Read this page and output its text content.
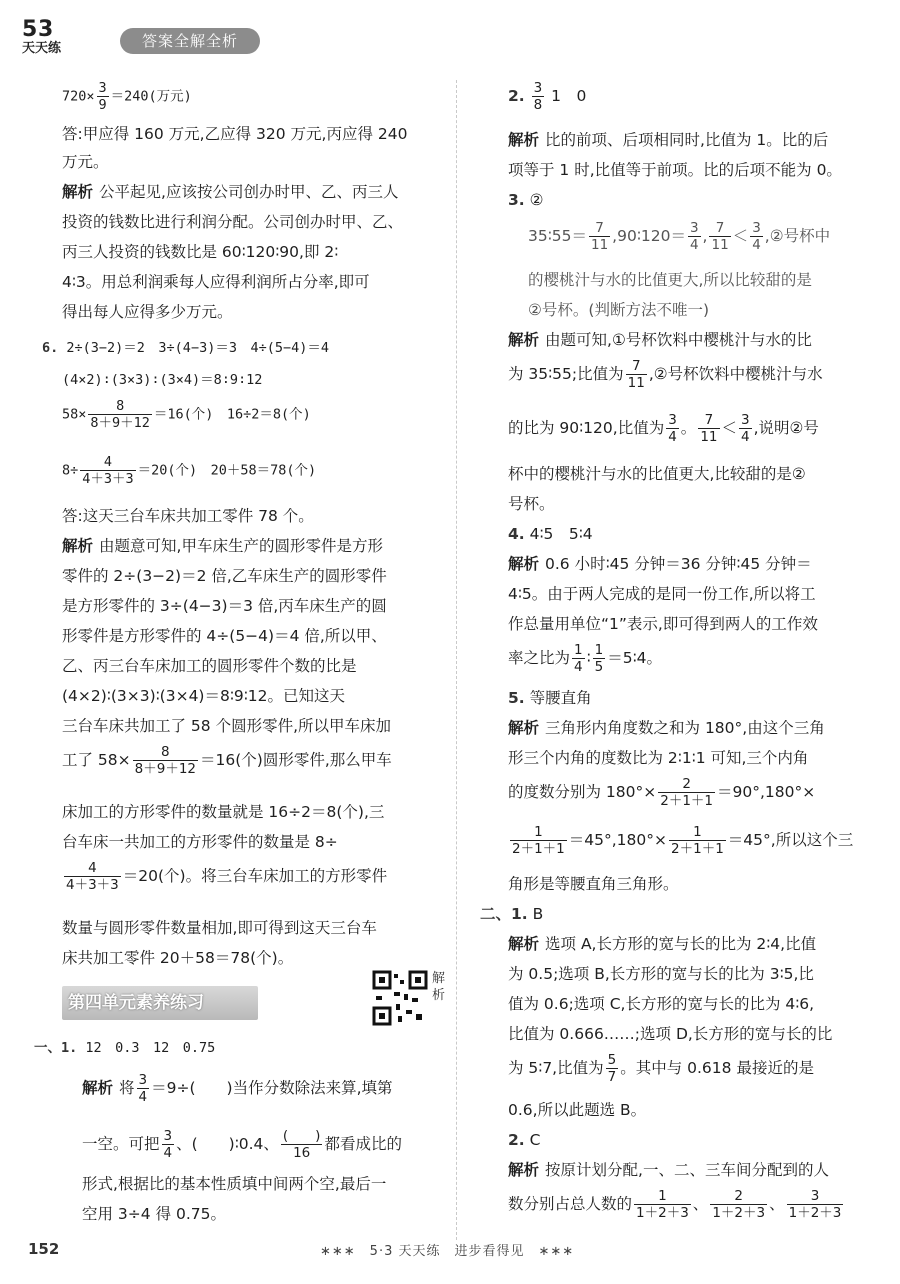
5 3
天天练	答案全解全析
$720\times \frac{3}{9} =240$(万元)
答:甲应得 160 万元,乙应得 320 万元,丙应得 240
万元。
解析 公平起见,应该按公司创办时甲、乙、丙三人
投资的钱数比进行利润分配。公司创办时甲、乙、
丙三人投资的钱数比是 60∶120∶90,即 2∶
4∶3。用总利润乘每人应得利润所占分率,即可
得出每人应得多少万元。
6. 2÷(3−2)＝2　3÷(4−3)＝3　4÷(5−4)＝4
(4×2)∶(3×3)∶(3×4)＝8∶9∶12
$58\times \frac{8}{8+9+12} =16$(个)　16÷2＝8(个)
$8\div \frac{4}{4+3+3} =20$(个)　20＋58＝78(个)
答:这天三台车床共加工零件 78 个。
解析 由题意可知,甲车床生产的圆形零件是方形
零件的 2÷(3−2)＝2 倍,乙车床生产的圆形零件
是方形零件的 3÷(4−3)＝3 倍,丙车床生产的圆
形零件是方形零件的 4÷(5−4)＝4 倍,所以甲、
乙、丙三台车床加工的圆形零件个数的比是
(4×2)∶(3×3)∶(3×4)＝8∶9∶12。已知这天
三台车床共加工了 58 个圆形零件,所以甲车床加
工了 $58\times \frac{8}{8+9+12} =16$(个)圆形零件,那么甲车
床加工的方形零件的数量就是 16÷2＝8(个),三
台车床一共加工的方形零件的数量是 8÷
$\frac{4}{4+3+3} =20$(个)。将三台车床加工的方形零件
数量与圆形零件数量相加,即可得到这天三台车
床共加工零件 20＋58＝78(个)。
第四单元素养练习
解析
一、1. 12　0.3　12　0.75
解析 将 $\frac{3}{4} =9\div$(　　)当作分数除法来算,填第
一空。可把 $\frac{3}{4}$ 、(　　)∶0.4、 $\frac{( )}{16}$ 都看成比的
形式,根据比的基本性质填中间两个空,最后一
空用 3÷4 得 0.75。
2. $\frac{3}{8} 1$　0
解析 比的前项、后项相同时,比值为 1。比的后
项等于 1 时,比值等于前项。比的后项不能为 0。
3. ②
35∶55＝ $\frac{7}{11}$ ,90∶120＝ $\frac{3}{4}$ , $\frac{7}{11} < \frac{3}{4}$ ,②号杯中
的樱桃汁与水的比值更大,所以比较甜的是
②号杯。(判断方法不唯一)
解析 由题可知,①号杯饮料中樱桃汁与水的比
为 35∶55;比值为 $\frac{7}{11}$ ,②号杯饮料中樱桃汁与水
的比为 90∶120,比值为 $\frac{3}{4}$ 。 $\frac{7}{11} < \frac{3}{4}$ ,说明②号
杯中的樱桃汁与水的比值更大,比较甜的是②
号杯。
4. 4∶5　5∶4
解析 0.6 小时∶45 分钟＝36 分钟∶45 分钟＝
4∶5。由于两人完成的是同一份工作,所以将工
作总量用单位“1”表示,即可得到两人的工作效
率之比为 $\frac{1}{4}$ ∶ $\frac{1}{5}$ ＝5∶4。
5. 等腰直角
解析 三角形内角度数之和为 180°,由这个三角
形三个内角的度数比为 2∶1∶1 可知,三个内角
的度数分别为 $180^\circ\times \frac{2}{2+1+1} =90^\circ,180^\circ\times$
$\frac{1}{2+1+1} =45^\circ,180^\circ\times \frac{1}{2+1+1} =45^\circ$,所以这个三
角形是等腰直角三角形。
二、1. B
解析 选项 A,长方形的宽与长的比为 2∶4,比值
为 0.5;选项 B,长方形的宽与长的比为 3∶5,比
值为 0.6;选项 C,长方形的宽与长的比为 4∶6,
比值为 0.666……;选项 D,长方形的宽与长的比
为 5∶7,比值为 $\frac{5}{7}$ 。其中与 0.618 最接近的是
0.6,所以此题选 B。
2. C
解析 按原计划分配,一、二、三车间分配到的人
数分别占总人数的 $\frac{1}{1+2+3}$ 、 $\frac{2}{1+2+3}$ 、 $\frac{3}{1+2+3}$
152	∗∗∗　5·3 天天练　进步看得见　∗∗∗
